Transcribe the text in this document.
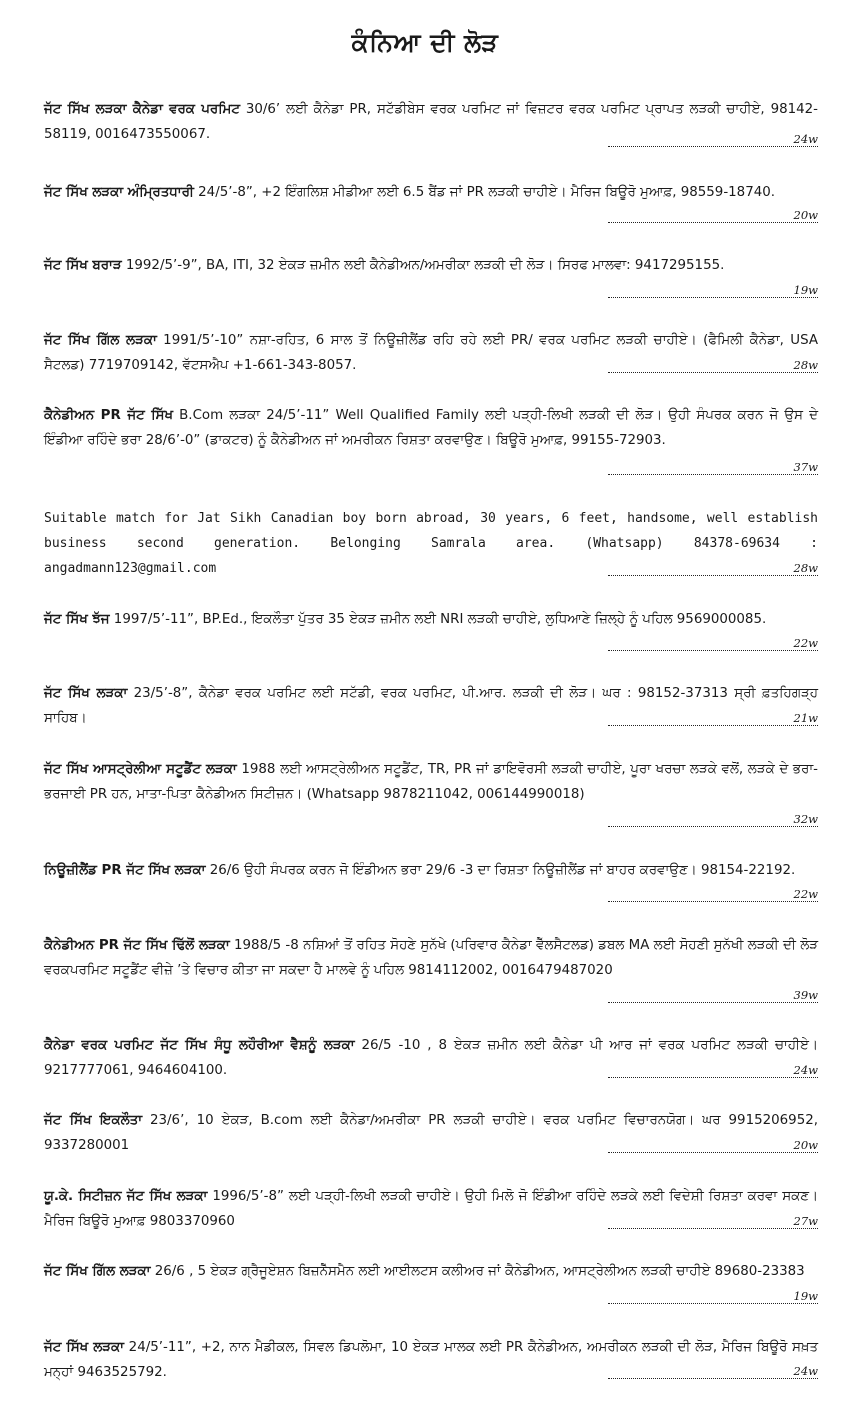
ਕੰਨਿਆ ਦੀ ਲੋੜ
ਜੱਟ ਸਿੱਖ ਲੜਕਾ ਕੈਨੇਡਾ ਵਰਕ ਪਰਮਿਟ 30/6’ ਲਈ ਕੈਨੇਡਾ PR, ਸਟੱਡੀਬੇਸ ਵਰਕ ਪਰਮਿਟ ਜਾਂ ਵਿਜ਼ਟਰ ਵਰਕ ਪਰਮਿਟ ਪ੍ਰਾਪਤ ਲੜਕੀ ਚਾਹੀਏ, 98142-58119, 0016473550067.	24w
ਜੱਟ ਸਿੱਖ ਲੜਕਾ ਅੰਮ੍ਰਿਤਧਾਰੀ 24/5’-8”, +2 ਇੰਗਲਿਸ਼ ਮੀਡੀਆ ਲਈ 6.5 ਬੈਂਡ ਜਾਂ PR ਲੜਕੀ ਚਾਹੀਏ। ਮੈਰਿਜ ਬਿਊਰੋ ਮੁਆਫ਼, 98559-18740.
20w
ਜੱਟ ਸਿੱਖ ਬਰਾੜ 1992/5’-9”, BA, ITI, 32 ਏਕੜ ਜ਼ਮੀਨ ਲਈ ਕੈਨੇਡੀਅਨ/ਅਮਰੀਕਾ ਲੜਕੀ ਦੀ ਲੋੜ। ਸਿਰਫ ਮਾਲਵਾ: 9417295155.
19w
ਜੱਟ ਸਿੱਖ ਗਿੱਲ ਲੜਕਾ 1991/5’-10” ਨਸ਼ਾ-ਰਹਿਤ, 6 ਸਾਲ ਤੋਂ ਨਿਊਜ਼ੀਲੈਂਡ ਰਹਿ ਰਹੇ ਲਈ PR/ ਵਰਕ ਪਰਮਿਟ ਲੜਕੀ ਚਾਹੀਏ। (ਫੈਮਿਲੀ ਕੈਨੇਡਾ, USA ਸੈਟਲਡ) 7719709142, ਵੱਟਸਐਪ +1-661-343-8057.	28w
ਕੈਨੇਡੀਅਨ PR ਜੱਟ ਸਿੱਖ B.Com ਲੜਕਾ 24/5’-11” Well Qualified Family ਲਈ ਪੜ੍ਹੀ-ਲਿਖੀ ਲੜਕੀ ਦੀ ਲੋੜ। ਉਹੀ ਸੰਪਰਕ ਕਰਨ ਜੋ ਉਸ ਦੇ ਇੰਡੀਆ ਰਹਿੰਦੇ ਭਰਾ 28/6’-0” (ਡਾਕਟਰ) ਨੂੰ ਕੈਨੇਡੀਅਨ ਜਾਂ ਅਮਰੀਕਨ ਰਿਸ਼ਤਾ ਕਰਵਾਉਣ। ਬਿਊਰੋ ਮੁਆਫ਼, 99155-72903.
37w
Suitable match for Jat Sikh Canadian boy born abroad, 30 years, 6 feet, handsome, well establish business second generation. Belonging Samrala area. (Whatsapp) 84378-69634 : angadmann123@gmail.com	28w
ਜੱਟ ਸਿੱਖ ਝੱਜ 1997/5’-11”, BP.Ed., ਇਕਲੌਤਾ ਪੁੱਤਰ 35 ਏਕੜ ਜ਼ਮੀਨ ਲਈ NRI ਲੜਕੀ ਚਾਹੀਏ, ਲੁਧਿਆਣੇ ਜ਼ਿਲ੍ਹੇ ਨੂੰ ਪਹਿਲ 9569000085.
22w
ਜੱਟ ਸਿੱਖ ਲੜਕਾ 23/5’-8”, ਕੈਨੇਡਾ ਵਰਕ ਪਰਮਿਟ ਲਈ ਸਟੱਡੀ, ਵਰਕ ਪਰਮਿਟ, ਪੀ.ਆਰ. ਲੜਕੀ ਦੀ ਲੋੜ। ਘਰ : 98152-37313 ਸ੍ਰੀ ਫ਼ਤਹਿਗੜ੍ਹ ਸਾਹਿਬ।	21w
ਜੱਟ ਸਿੱਖ ਆਸਟ੍ਰੇਲੀਆ ਸਟੂਡੈਂਟ ਲੜਕਾ 1988 ਲਈ ਆਸਟ੍ਰੇਲੀਅਨ ਸਟੂਡੈਂਟ, TR, PR ਜਾਂ ਡਾਇਵੋਰਸੀ ਲੜਕੀ ਚਾਹੀਏ, ਪੂਰਾ ਖਰਚਾ ਲੜਕੇ ਵਲੋਂ, ਲੜਕੇ ਦੇ ਭਰਾ-ਭਰਜਾਈ PR ਹਨ, ਮਾਤਾ-ਪਿਤਾ ਕੈਨੇਡੀਅਨ ਸਿਟੀਜ਼ਨ। (Whatsapp 9878211042, 006144990018)
32w
ਨਿਊਜ਼ੀਲੈਂਡ PR ਜੱਟ ਸਿੱਖ ਲੜਕਾ 26/6 ਉਹੀ ਸੰਪਰਕ ਕਰਨ ਜੋ ਇੰਡੀਅਨ ਭਰਾ 29/6 -3 ਦਾ ਰਿਸ਼ਤਾ ਨਿਊਜ਼ੀਲੈਂਡ ਜਾਂ ਬਾਹਰ ਕਰਵਾਉਣ। 98154-22192.
22w
ਕੈਨੇਡੀਅਨ PR ਜੱਟ ਸਿੱਖ ਢਿੱਲੋਂ ਲੜਕਾ 1988/5 -8 ਨਸ਼ਿਆਂ ਤੋਂ ਰਹਿਤ ਸੋਹਣੇ ਸੁਨੱਖੇ (ਪਰਿਵਾਰ ਕੈਨੇਡਾ ਵੈੱਲਸੈਟਲਡ) ਡਬਲ MA ਲਈ ਸੋਹਣੀ ਸੁਨੱਖੀ ਲੜਕੀ ਦੀ ਲੋੜ ਵਰਕਪਰਮਿਟ ਸਟੂਡੈਂਟ ਵੀਜ਼ੇ ’ਤੇ ਵਿਚਾਰ ਕੀਤਾ ਜਾ ਸਕਦਾ ਹੈ ਮਾਲਵੇ ਨੂੰ ਪਹਿਲ 9814112002, 0016479487020
39w
ਕੈਨੇਡਾ ਵਰਕ ਪਰਮਿਟ ਜੱਟ ਸਿੱਖ ਸੰਧੂ ਲਹੌਰੀਆ ਵੈਸ਼ਨੂੰ ਲੜਕਾ 26/5 -10 , 8 ਏਕੜ ਜ਼ਮੀਨ ਲਈ ਕੈਨੇਡਾ ਪੀ ਆਰ ਜਾਂ ਵਰਕ ਪਰਮਿਟ ਲੜਕੀ ਚਾਹੀਏ। 9217777061, 9464604100.	24w
ਜੱਟ ਸਿੱਖ ਇਕਲੌਤਾ 23/6’, 10 ਏਕੜ, B.com ਲਈ ਕੈਨੇਡਾ/ਅਮਰੀਕਾ PR ਲੜਕੀ ਚਾਹੀਏ। ਵਰਕ ਪਰਮਿਟ ਵਿਚਾਰਨਯੋਗ। ਘਰ 9915206952, 9337280001	20w
ਯੂ.ਕੇ. ਸਿਟੀਜ਼ਨ ਜੱਟ ਸਿੱਖ ਲੜਕਾ 1996/5’-8” ਲਈ ਪੜ੍ਹੀ-ਲਿਖੀ ਲੜਕੀ ਚਾਹੀਏ। ਉਹੀ ਮਿਲੋ ਜੋ ਇੰਡੀਆ ਰਹਿੰਦੇ ਲੜਕੇ ਲਈ ਵਿਦੇਸ਼ੀ ਰਿਸ਼ਤਾ ਕਰਵਾ ਸਕਣ। ਮੈਰਿਜ ਬਿਊਰੋ ਮੁਆਫ਼ 9803370960	27w
ਜੱਟ ਸਿੱਖ ਗਿੱਲ ਲੜਕਾ 26/6 , 5 ਏਕੜ ਗ੍ਰੈਜੂਏਸ਼ਨ ਬਿਜ਼ਨੈੱਸਮੈਨ ਲਈ ਆਈਲਟਸ ਕਲੀਅਰ ਜਾਂ ਕੈਨੇਡੀਅਨ, ਆਸਟ੍ਰੇਲੀਅਨ ਲੜਕੀ ਚਾਹੀਏ 89680-23383
19w
ਜੱਟ ਸਿੱਖ ਲੜਕਾ 24/5’-11”, +2, ਨਾਨ ਮੈਡੀਕਲ, ਸਿਵਲ ਡਿਪਲੋਮਾ, 10 ਏਕੜ ਮਾਲਕ ਲਈ PR ਕੈਨੇਡੀਅਨ, ਅਮਰੀਕਨ ਲੜਕੀ ਦੀ ਲੋੜ, ਮੈਰਿਜ ਬਿਊਰੋ ਸਖ਼ਤ ਮਨ੍ਹਾਂ 9463525792.	24w
